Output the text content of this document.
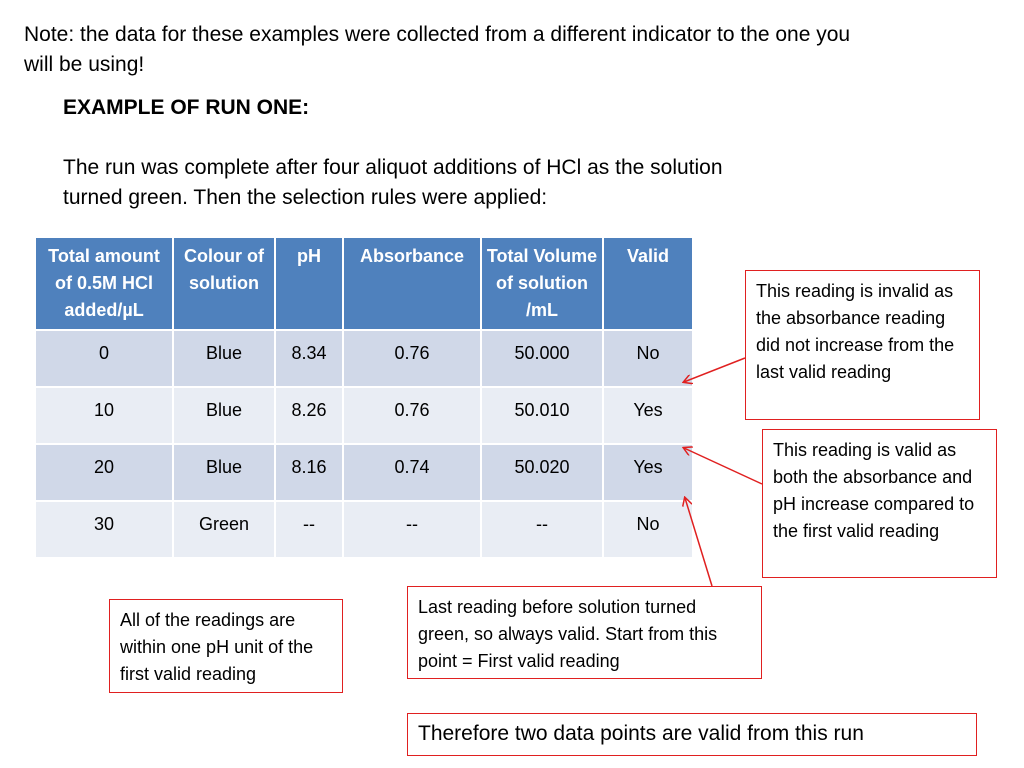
Note: the data for these examples were collected from a different indicator to the one you will be using!
EXAMPLE OF RUN ONE:
The run was complete after four aliquot additions of HCl as the solution turned green. Then the selection rules were applied:
Total amount of 0.5M HCl added/µL	Colour of solution	pH	Absorbance	Total Volume of solution /mL	Valid
0	Blue	8.34	0.76	50.000	No
10	Blue	8.26	0.76	50.010	Yes
20	Blue	8.16	0.74	50.020	Yes
30	Green	--	--	--	No
This reading is invalid as the absorbance reading did not increase from the last valid reading
This reading is valid as both the absorbance and pH increase compared to the first valid reading
Last reading before solution turned green, so always valid. Start from this point = First valid reading
All of the readings are within one pH unit of the first valid reading
Therefore two data points are valid from this run
